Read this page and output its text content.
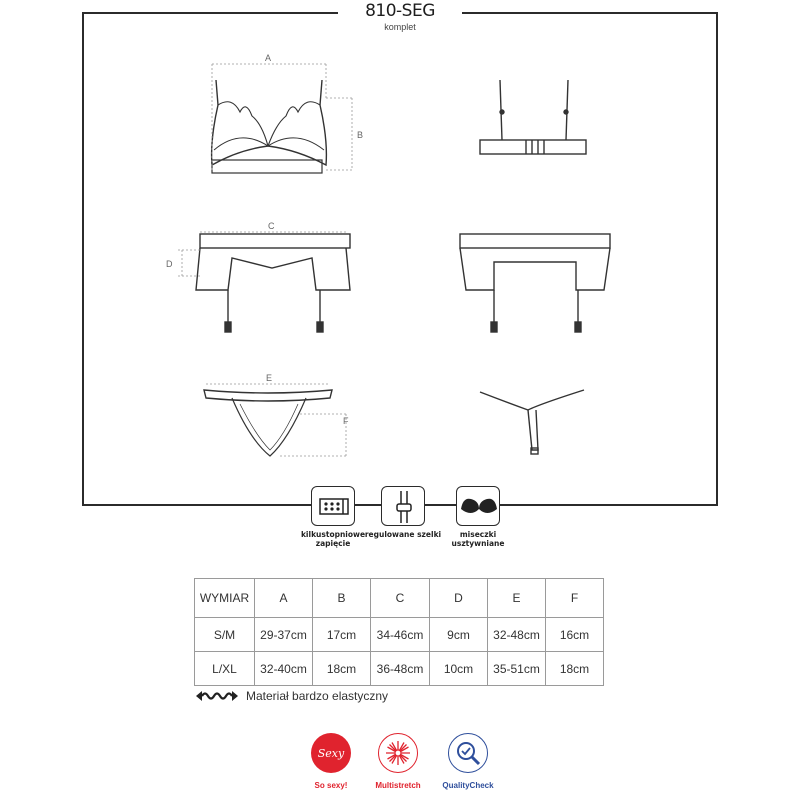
810-SEG
komplet
A
B
C
D
E
F
kilkustopniowe zapięcie
regulowane szelki	miseczki usztywniane
WYMIAR	A	B	C	D	E	F
S/M	29-37cm	17cm	34-46cm	9cm	32-48cm	16cm
L/XL	32-40cm	18cm	36-48cm	10cm	35-51cm	18cm
Materiał bardzo elastyczny
Sexy
So sexy!	Multistretch	QualityCheck
